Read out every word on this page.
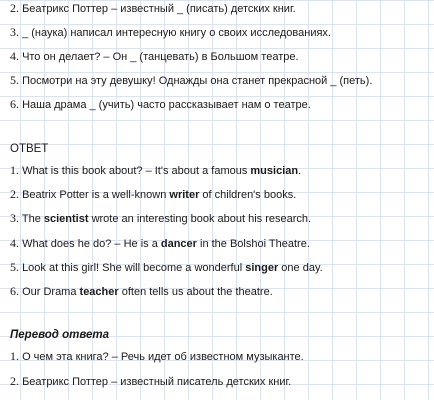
2. Беатрикс Поттер – известный _ (писать) детских книг.
3. _ (наука) написал интересную книгу о своих исследованиях.
4. Что он делает? – Он _ (танцевать) в Большом театре.
5. Посмотри на эту девушку! Однажды она станет прекрасной _ (петь).
6. Наша драма _ (учить) часто рассказывает нам о театре.
ОТВЕТ
1. What is this book about? – It's about a famous musician.
2. Beatrix Potter is a well-known writer of children's books.
3. The scientist wrote an interesting book about his research.
4. What does he do? – He is a dancer in the Bolshoi Theatre.
5. Look at this girl! She will become a wonderful singer one day.
6. Our Drama teacher often tells us about the theatre.
Перевод ответа
1. О чем эта книга? – Речь идет об известном музыканте.
2. Беатрикс Поттер – известный писатель детских книг.
